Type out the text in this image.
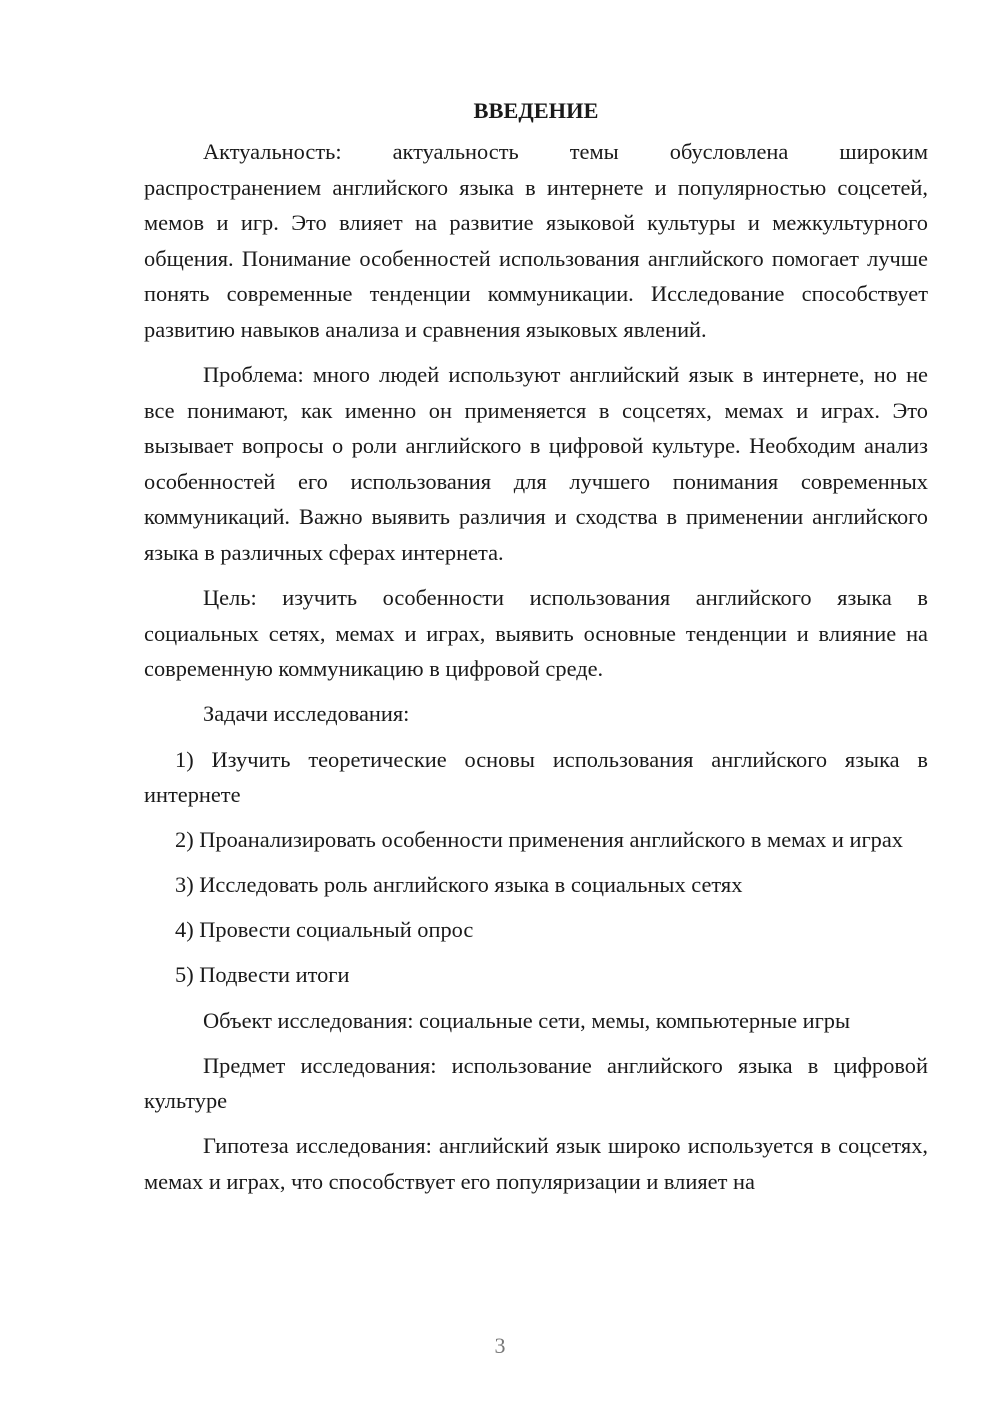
ВВЕДЕНИЕ

Актуальность: актуальность темы обусловлена широким распространением английского языка в интернете и популярностью соцсетей, мемов и игр. Это влияет на развитие языковой культуры и межкультурного общения. Понимание особенностей использования английского помогает лучше понять современные тенденции коммуникации. Исследование способствует развитию навыков анализа и сравнения языковых явлений.

Проблема: много людей используют английский язык в интернете, но не все понимают, как именно он применяется в соцсетях, мемах и играх. Это вызывает вопросы о роли английского в цифровой культуре. Необходим анализ особенностей его использования для лучшего понимания современных коммуникаций. Важно выявить различия и сходства в применении английского языка в различных сферах интернета.

Цель: изучить особенности использования английского языка в социальных сетях, мемах и играх, выявить основные тенденции и влияние на современную коммуникацию в цифровой среде.

Задачи исследования:

1) Изучить теоретические основы использования английского языка в интернете

2) Проанализировать особенности применения английского в мемах и играх

3) Исследовать роль английского языка в социальных сетях

4) Провести социальный опрос

5) Подвести итоги

Объект исследования: социальные сети, мемы, компьютерные игры

Предмет исследования: использование английского языка в цифровой культуре

Гипотеза исследования: английский язык широко используется в соцсетях, мемах и играх, что способствует его популяризации и влияет на

3
